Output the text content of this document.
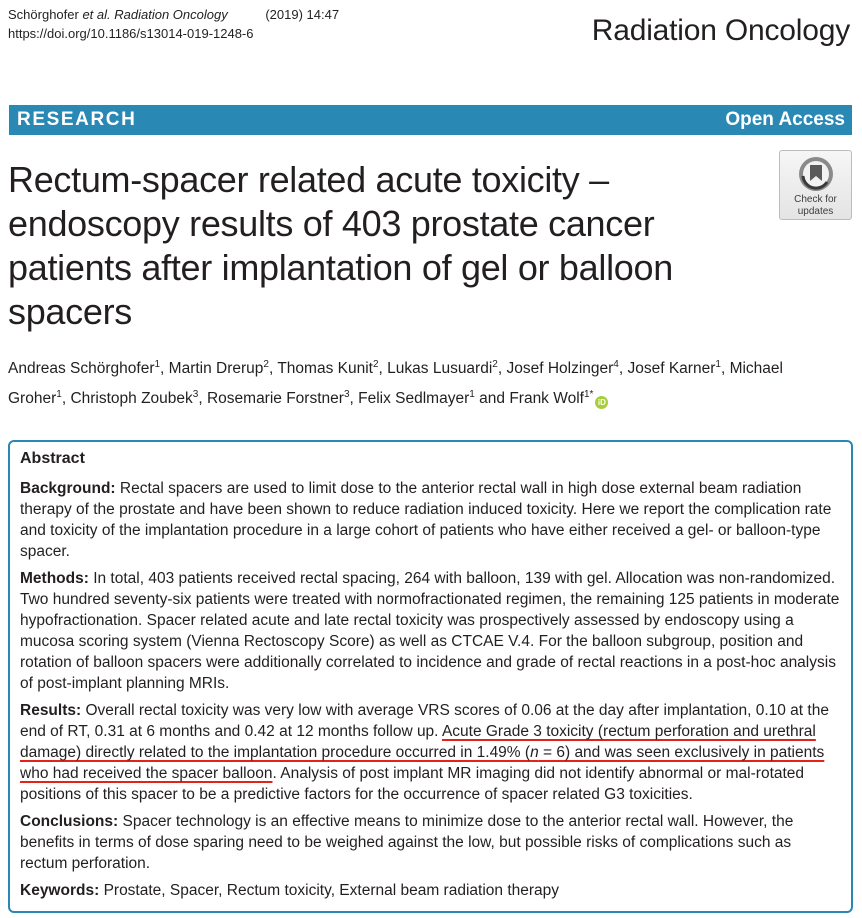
Schörghofer et al. Radiation Oncology	(2019) 14:47
https://doi.org/10.1186/s13014-019-1248-6	Radiation Oncology
RESEARCH	Open Access
Check for
updates
Rectum-spacer related acute toxicity – endoscopy results of 403 prostate cancer patients after implantation of gel or balloon spacers
Andreas Schörghofer$^1$, Martin Drerup$^2$, Thomas Kunit$^2$, Lukas Lusuardi$^2$, Josef Holzinger$^4$, Josef Karner$^1$, Michael Groher$^1$, Christoph Zoubek$^3$, Rosemarie Forstner$^3$, Felix Sedlmayer$^1$ and Frank Wolf$^{1*}$iD
Abstract

Background: Rectal spacers are used to limit dose to the anterior rectal wall in high dose external beam radiation therapy of the prostate and have been shown to reduce radiation induced toxicity. Here we report the complication rate and toxicity of the implantation procedure in a large cohort of patients who have either received a gel- or balloon-type spacer.

Methods: In total, 403 patients received rectal spacing, 264 with balloon, 139 with gel. Allocation was non-randomized. Two hundred seventy-six patients were treated with normofractionated regimen, the remaining 125 patients in moderate hypofractionation. Spacer related acute and late rectal toxicity was prospectively assessed by endoscopy using a mucosa scoring system (Vienna Rectoscopy Score) as well as CTCAE V.4. For the balloon subgroup, position and rotation of balloon spacers were additionally correlated to incidence and grade of rectal reactions in a post-hoc analysis of post-implant planning MRIs.

Results: Overall rectal toxicity was very low with average VRS scores of 0.06 at the day after implantation, 0.10 at the end of RT, 0.31 at 6 months and 0.42 at 12 months follow up. Acute Grade 3 toxicity (rectum perforation and urethral damage) directly related to the implantation procedure occurred in 1.49% (n = 6) and was seen exclusively in patients who had received the spacer balloon. Analysis of post implant MR imaging did not identify abnormal or mal-rotated positions of this spacer to be a predictive factors for the occurrence of spacer related G3 toxicities.

Conclusions: Spacer technology is an effective means to minimize dose to the anterior rectal wall. However, the benefits in terms of dose sparing need to be weighed against the low, but possible risks of complications such as rectum perforation.

Keywords: Prostate, Spacer, Rectum toxicity, External beam radiation therapy
